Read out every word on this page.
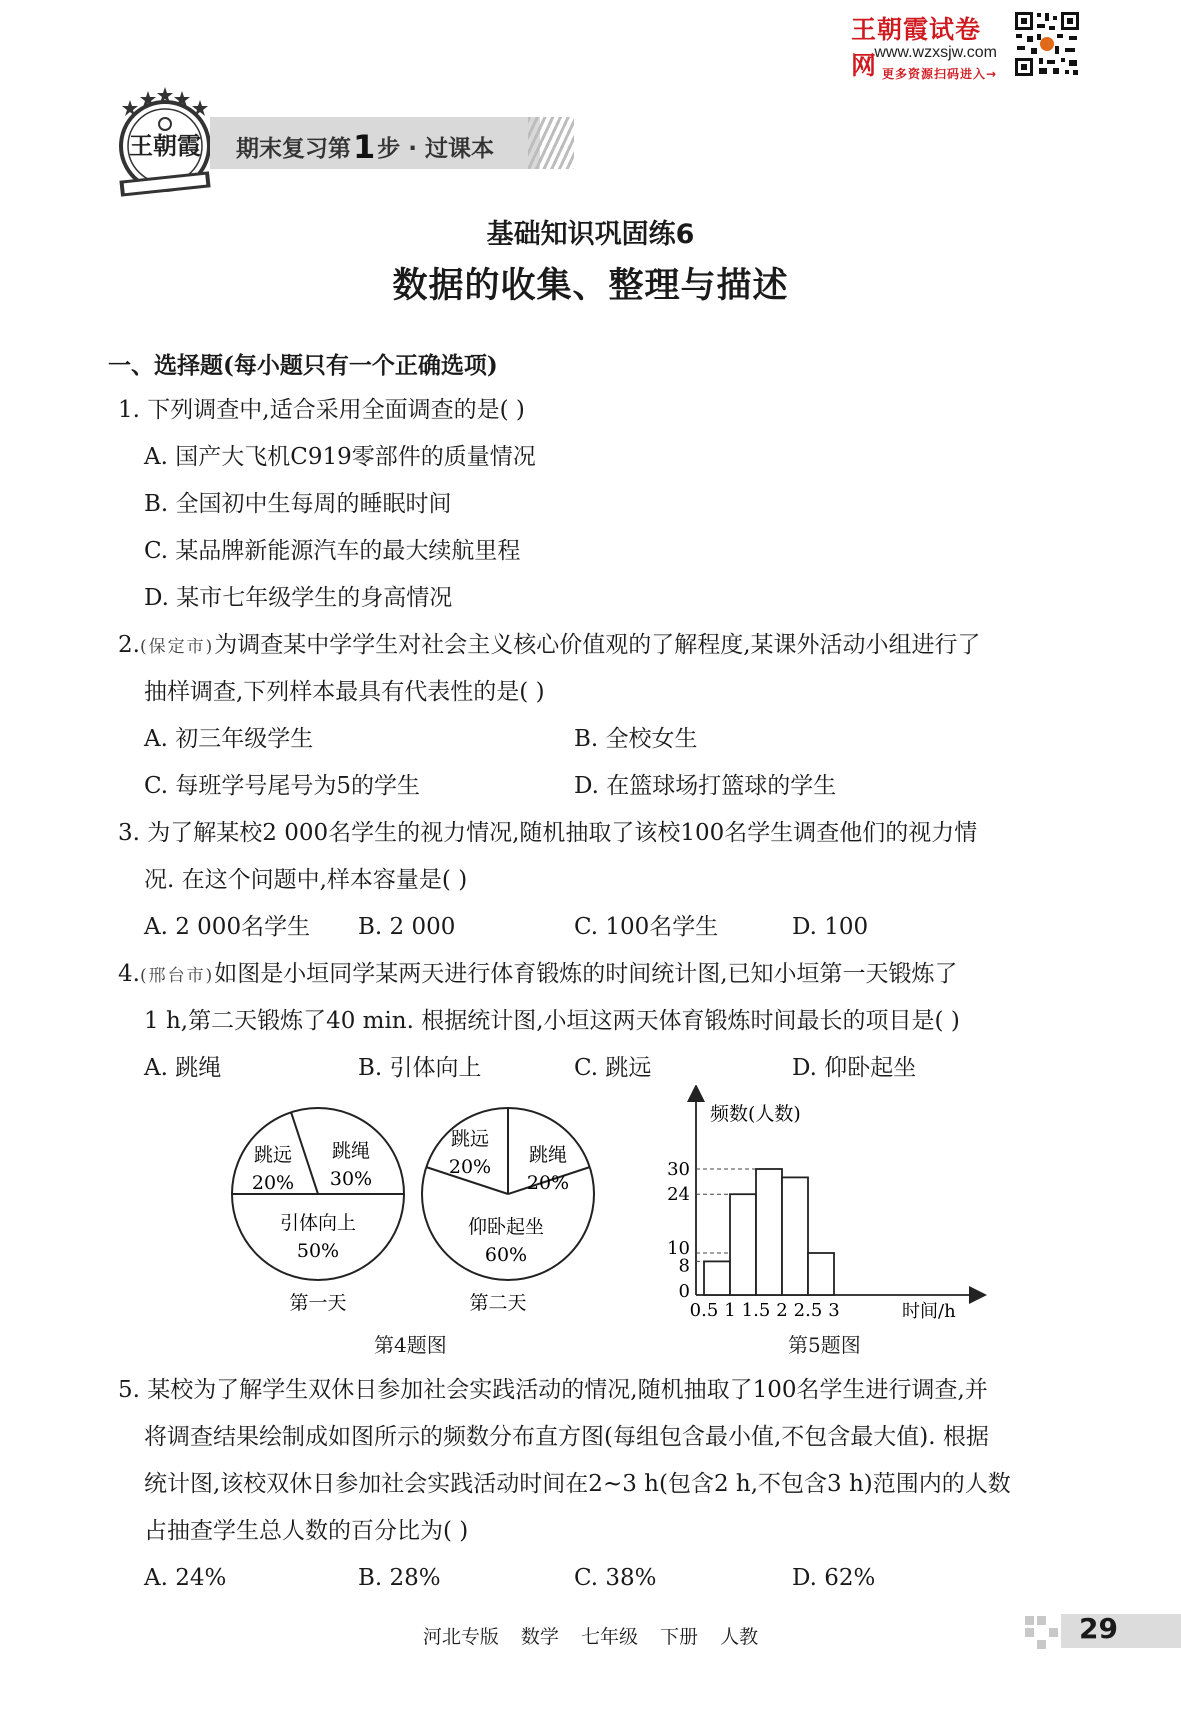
王朝霞试卷网
www.wzxsjw.com
更多资源扫码进入→
王朝霞 期末复习第1步 · 过课本
基础知识巩固练6
数据的收集、整理与描述
一、选择题(每小题只有一个正确选项)
1. 下列调查中,适合采用全面调查的是( )
A. 国产大飞机C919零部件的质量情况
B. 全国初中生每周的睡眠时间
C. 某品牌新能源汽车的最大续航里程
D. 某市七年级学生的身高情况
2.(保定市)为调查某中学学生对社会主义核心价值观的了解程度,某课外活动小组进行了
抽样调查,下列样本最具有代表性的是( )
A. 初三年级学生	B. 全校女生
C. 每班学号尾号为5的学生	D. 在篮球场打篮球的学生
3. 为了解某校2 000名学生的视力情况,随机抽取了该校100名学生调查他们的视力情
况. 在这个问题中,样本容量是( )
A. 2 000名学生 B. 2 000	C. 100名学生	D. 100
4.(邢台市)如图是小垣同学某两天进行体育锻炼的时间统计图,已知小垣第一天锻炼了
1 h,第二天锻炼了40 min. 根据统计图,小垣这两天体育锻炼时间最长的项目是( )
A. 跳绳	B. 引体向上	C. 跳远	D. 仰卧起坐
跳远
20%
跳绳
30%
引体向上
50%
第一天
跳远
20%
跳绳
20%
仰卧起坐
60%
第二天
第4题图
频数(人数)
时间/h
0
8
10
24
30
0.5 1 1.5 2 2.5 3
第5题图
5. 某校为了解学生双休日参加社会实践活动的情况,随机抽取了100名学生进行调查,并
将调查结果绘制成如图所示的频数分布直方图(每组包含最小值,不包含最大值). 根据
统计图,该校双休日参加社会实践活动时间在2~3 h(包含2 h,不包含3 h)范围内的人数
占抽查学生总人数的百分比为( )
A. 24%	B. 28%	C. 38%	D. 62%
河北专版 数学 七年级 下册 人教	29
